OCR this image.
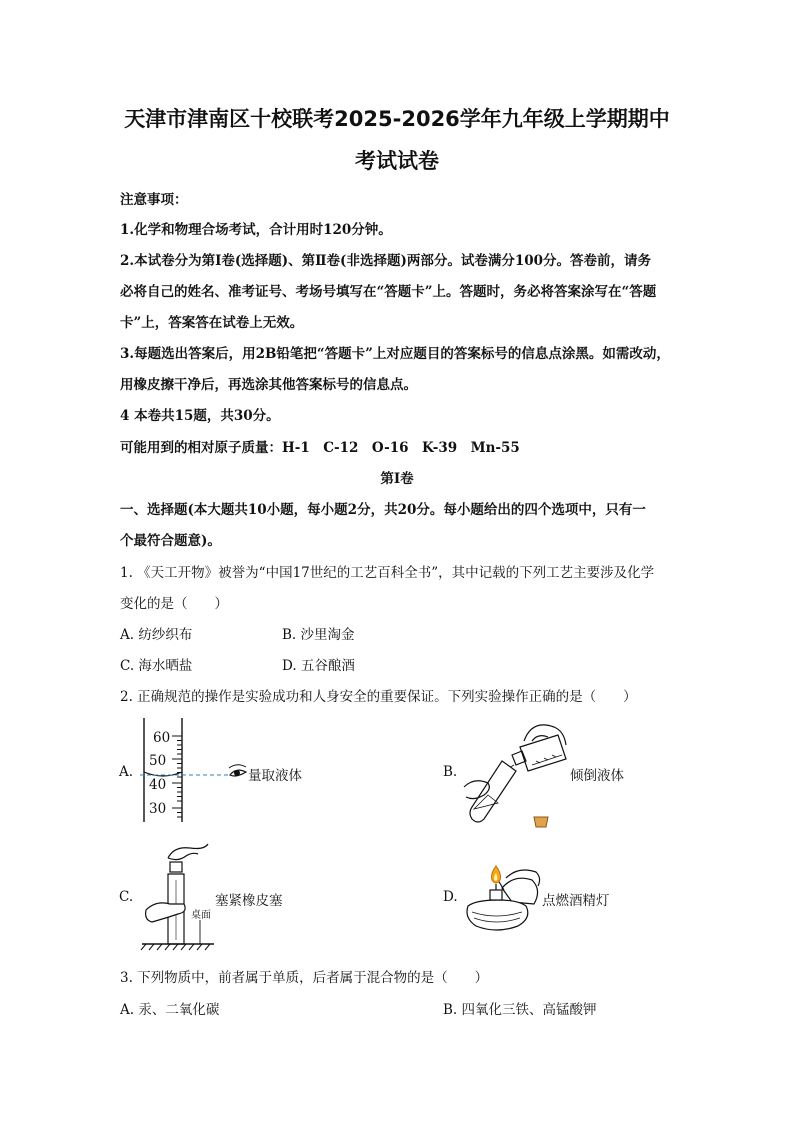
天津市津南区十校联考2025-2026学年九年级上学期期中
考试试卷
注意事项：
1.化学和物理合场考试，合计用时120分钟。
2.本试卷分为第Ⅰ卷(选择题)、第Ⅱ卷(非选择题)两部分。试卷满分100分。答卷前，请务
必将自己的姓名、准考证号、考场号填写在“答题卡”上。答题时，务必将答案涂写在“答题
卡”上，答案答在试卷上无效。
3.每题选出答案后，用2B铅笔把“答题卡”上对应题目的答案标号的信息点涂黑。如需改动，
用橡皮擦干净后，再选涂其他答案标号的信息点。
4 本卷共15题，共30分。
可能用到的相对原子质量：H-1　C-12　O-16　K-39　Mn-55
第Ⅰ卷
一、选择题(本大题共10小题，每小题2分，共20分。每小题给出的四个选项中，只有一
个最符合题意)。
1. 《天工开物》被誉为“中国17世纪的工艺百科全书”，其中记载的下列工艺主要涉及化学
变化的是（　　）
A. 纺纱织布	B. 沙里淘金
C. 海水晒盐	D. 五谷酿酒
2. 正确规范的操作是实验成功和人身安全的重要保证。下列实验操作正确的是（　　）
A.
60
50
40
30
量取液体	B.	倾倒液体
C.
桌面
塞紧橡皮塞	D.	点燃酒精灯
3. 下列物质中，前者属于单质，后者属于混合物的是（　　）
A. 汞、二氧化碳	B. 四氧化三铁、高锰酸钾
